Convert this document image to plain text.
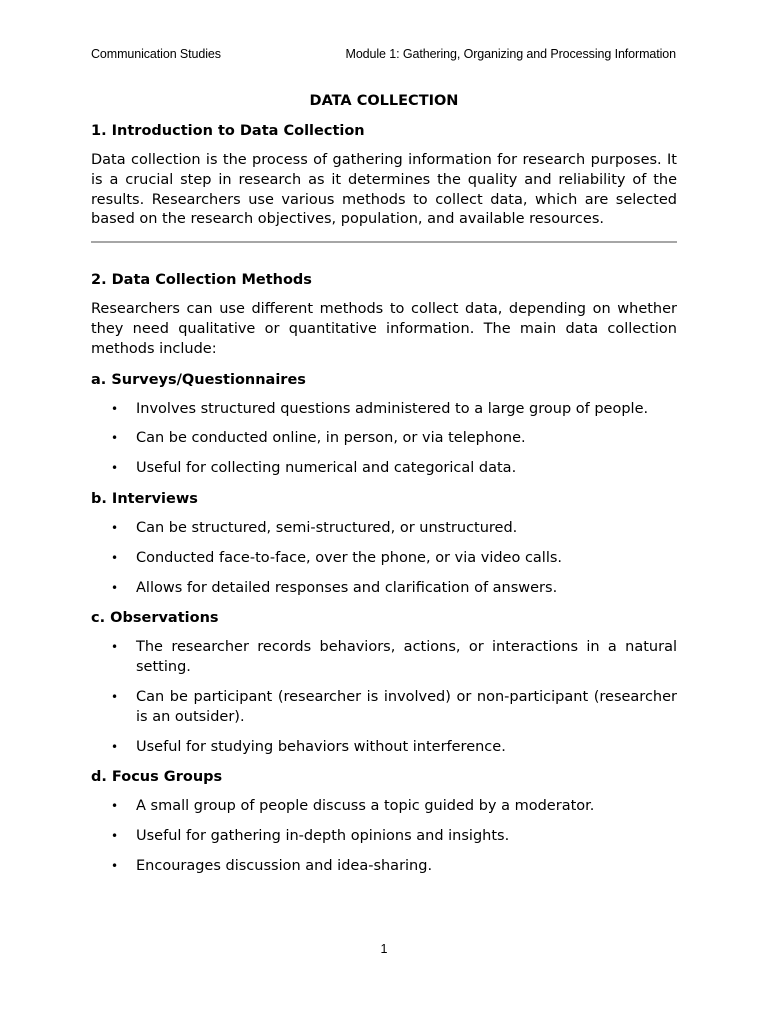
Communication Studies	Module 1: Gathering, Organizing and Processing Information
DATA COLLECTION
1. Introduction to Data Collection

Data collection is the process of gathering information for research purposes. It is a crucial step in research as it determines the quality and reliability of the results. Researchers use various methods to collect data, which are selected based on the research objectives, population, and available resources.

2. Data Collection Methods

Researchers can use different methods to collect data, depending on whether they need qualitative or quantitative information. The main data collection methods include:

a. Surveys/Questionnaires
• Involves structured questions administered to a large group of people.
• Can be conducted online, in person, or via telephone.
• Useful for collecting numerical and categorical data.
b. Interviews
• Can be structured, semi-structured, or unstructured.
• Conducted face-to-face, over the phone, or via video calls.
• Allows for detailed responses and clarification of answers.
c. Observations
• The researcher records behaviors, actions, or interactions in a natural setting.
• Can be participant (researcher is involved) or non-participant (researcher is an outsider).
• Useful for studying behaviors without interference.
d. Focus Groups
• A small group of people discuss a topic guided by a moderator.
• Useful for gathering in-depth opinions and insights.
• Encourages discussion and idea-sharing.
1
